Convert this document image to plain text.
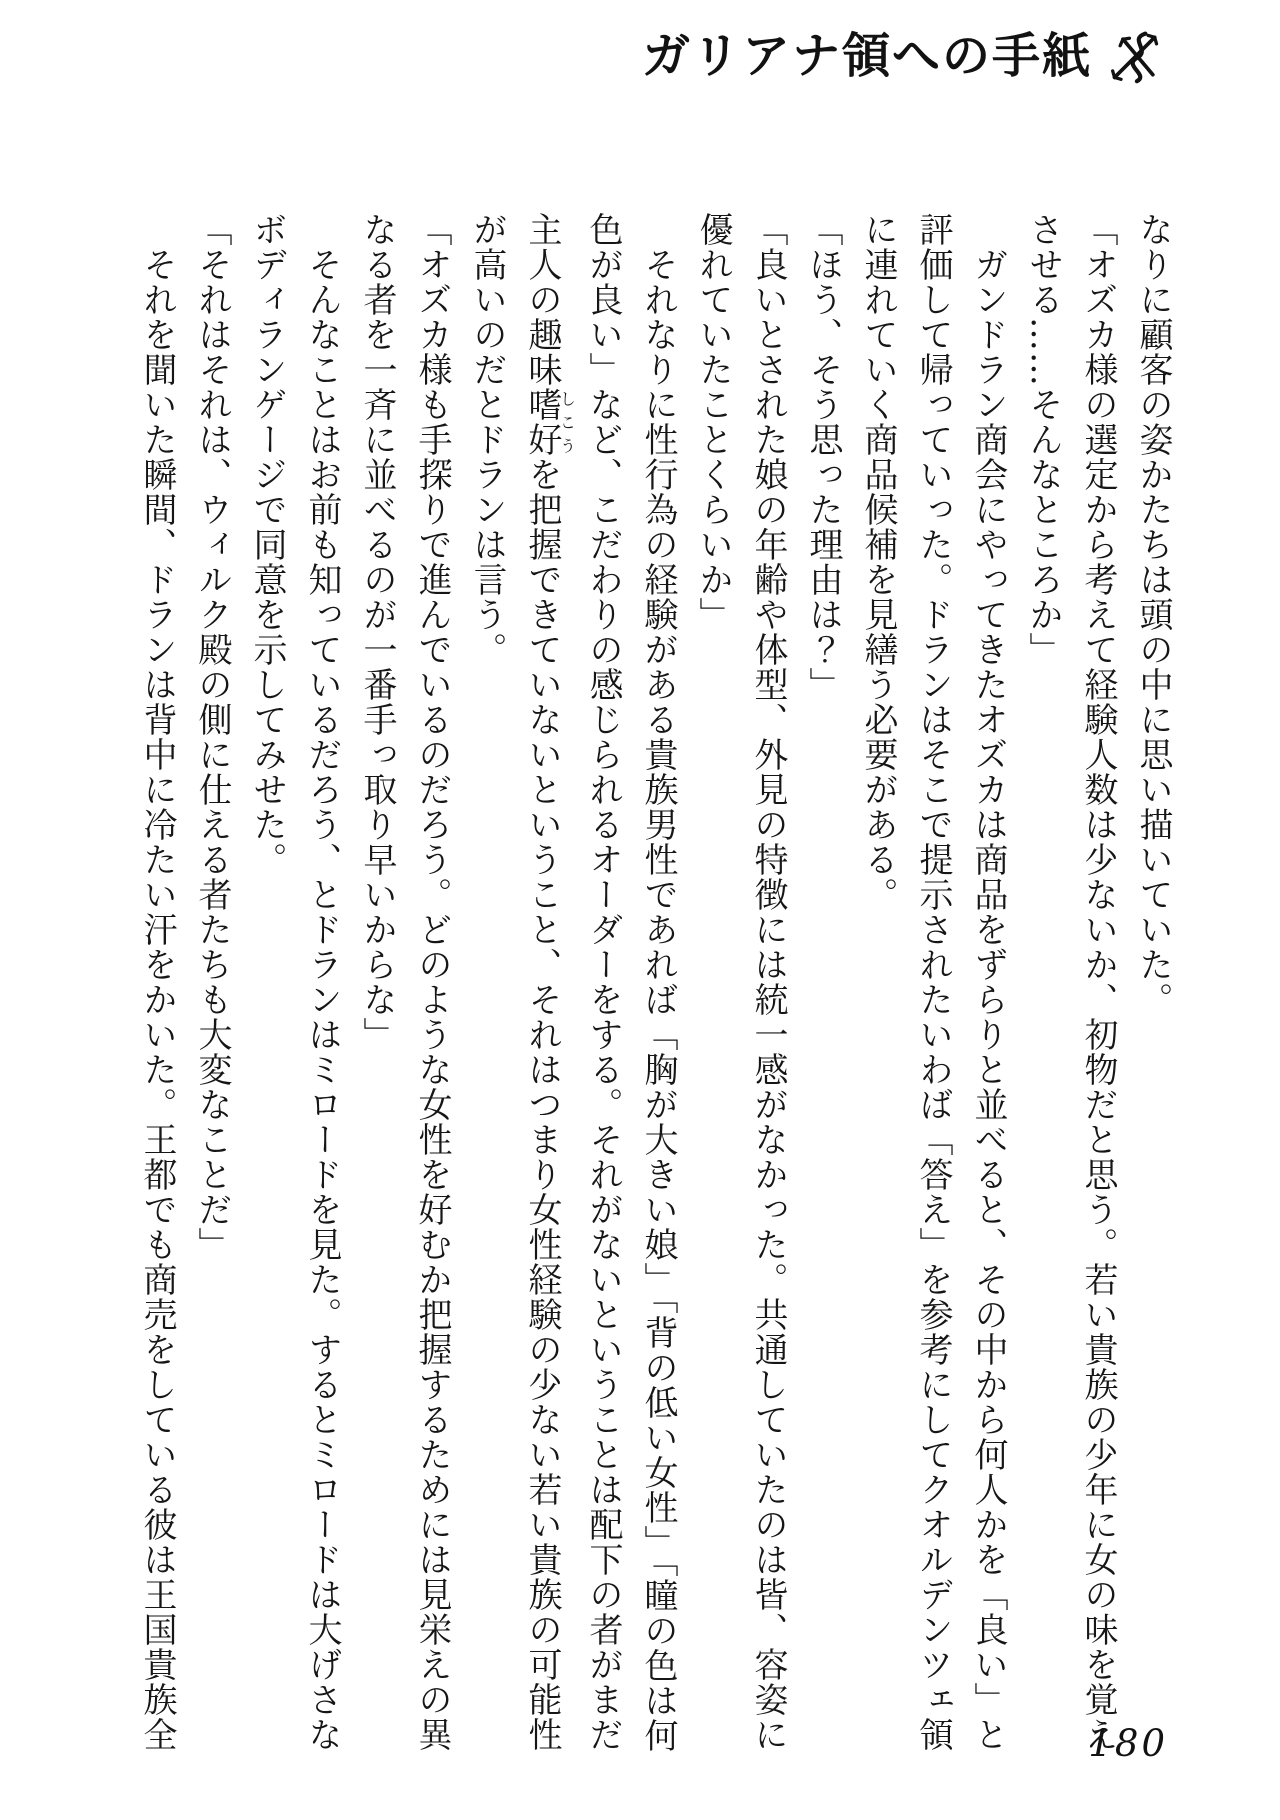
ガリアナ領への手紙

なりに顧客の姿かたちは頭の中に思い描いていた。

「オズカ様の選定から考えて経験人数は少ないか、初物だと思う。若い貴族の少年に女の味を覚え

させる……そんなところか」

　ガンドラン商会にやってきたオズカは商品をずらりと並べると、その中から何人かを「良い」と

評価して帰っていった。ドランはそこで提示されたいわば「答え」を参考にしてクオルデンツェ領

に連れていく商品候補を見繕う必要がある。

「ほう、そう思った理由は？」

「良いとされた娘の年齢や体型、外見の特徴には統一感がなかった。共通していたのは皆、容姿に

優れていたことくらいか」

　それなりに性行為の経験がある貴族男性であれば「胸が大きい娘」「背の低い女性」「瞳の色は何

色が良い」など、こだわりの感じられるオーダーをする。それがないということは配下の者がまだ

主人の趣味嗜好しこうを把握できていないということ、それはつまり女性経験の少ない若い貴族の可能性

が高いのだとドランは言う。

「オズカ様も手探りで進んでいるのだろう。どのような女性を好むか把握するためには見栄えの異

なる者を一斉に並べるのが一番手っ取り早いからな」

　そんなことはお前も知っているだろう、とドランはミロードを見た。するとミロードは大げさな

ボディランゲージで同意を示してみせた。

「それはそれは、ウィルク殿の側に仕える者たちも大変なことだ」

　それを聞いた瞬間、ドランは背中に冷たい汗をかいた。王都でも商売をしている彼は王国貴族全	180
